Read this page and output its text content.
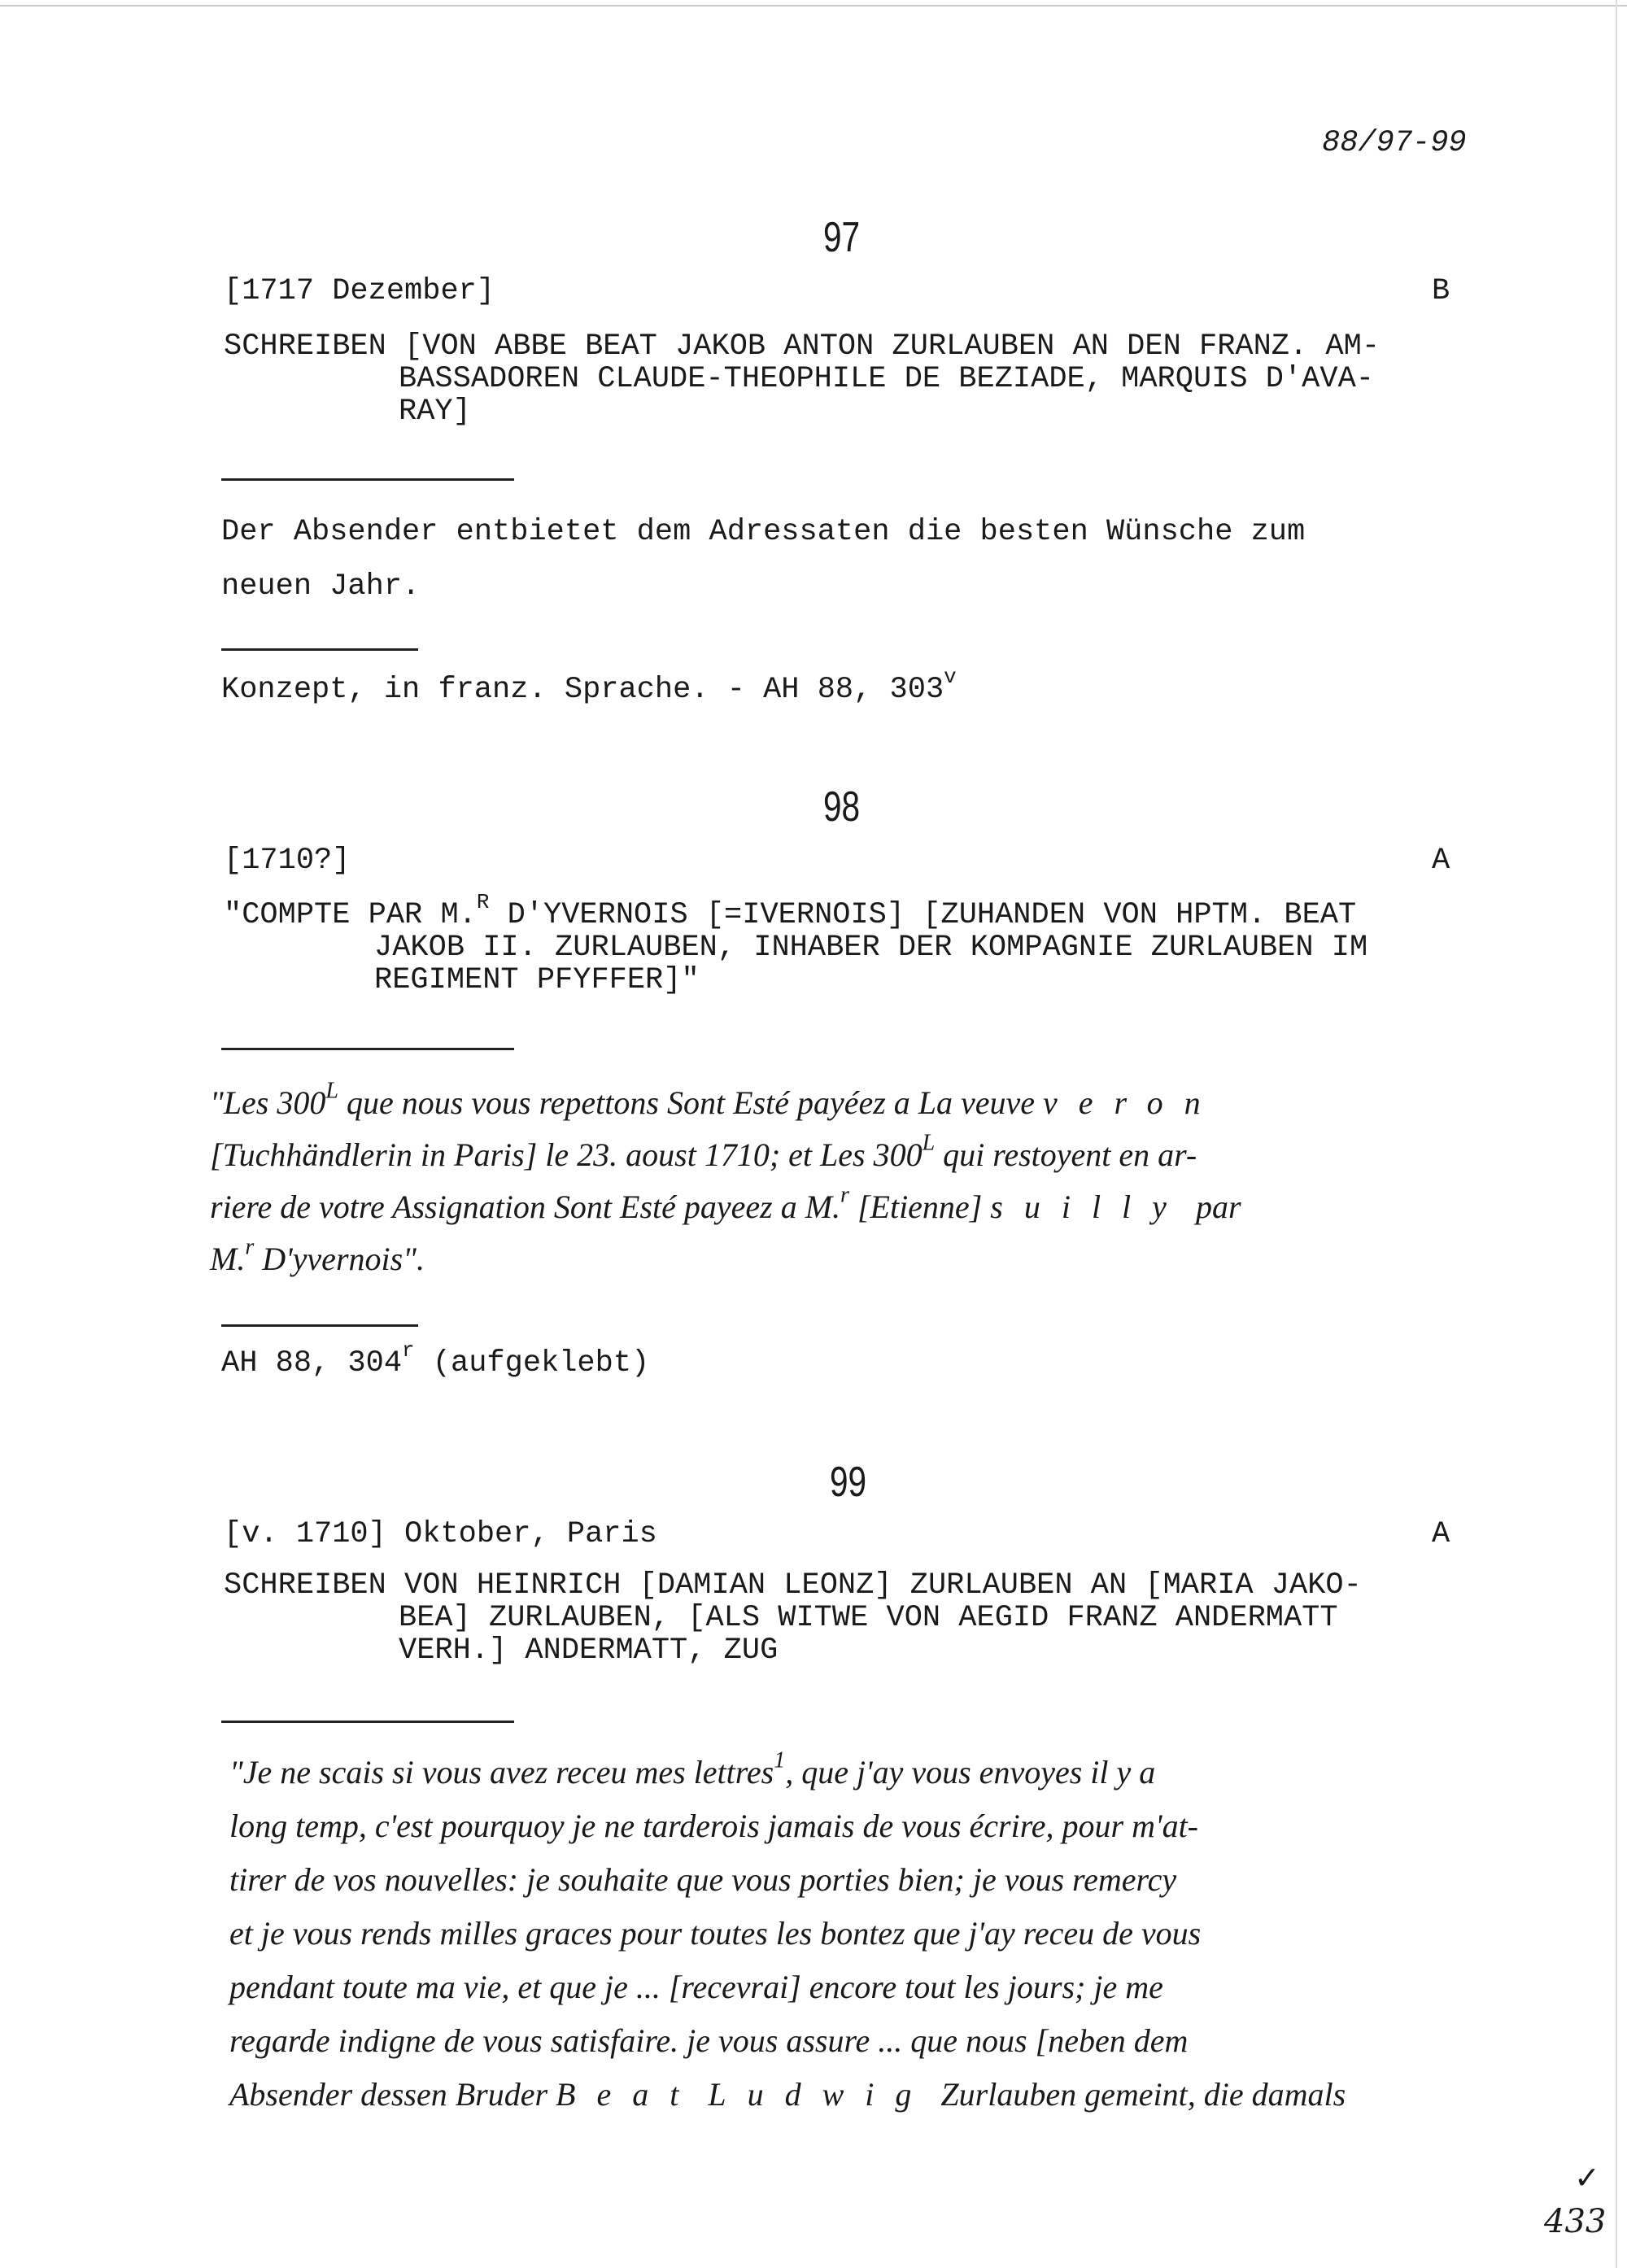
88/97-99
97
[1717 Dezember]	B
SCHREIBEN [VON ABBE BEAT JAKOB ANTON ZURLAUBEN AN DEN FRANZ. AM-
BASSADOREN CLAUDE-THEOPHILE DE BEZIADE, MARQUIS D'AVA-
RAY]
Der Absender entbietet dem Adressaten die besten Wünsche zum
neuen Jahr.
Konzept, in franz. Sprache. - AH 88, 303$^v$
98
[1710?]	A
"COMPTE PAR M.$^R$ D'YVERNOIS [=IVERNOIS] [ZUHANDEN VON HPTM. BEAT
JAKOB II. ZURLAUBEN, INHABER DER KOMPAGNIE ZURLAUBEN IM
REGIMENT PFYFFER]"
"Les $300^L$ que nous vous repettons Sont Esté payéez a La veuve veron
[Tuchhändlerin in Paris] le 23. aoust 1710; et Les $300^L$ qui restoyent en ar-
riere de votre Assignation Sont Esté payeez a M.$^r$ [Etienne] suilly par
M.$^r$ D'yvernois".
AH 88, 304$^r$ (aufgeklebt)
99
[v. 1710] Oktober, Paris	A
SCHREIBEN VON HEINRICH [DAMIAN LEONZ] ZURLAUBEN AN [MARIA JAKO-
BEA] ZURLAUBEN, [ALS WITWE VON AEGID FRANZ ANDERMATT
VERH.] ANDERMATT, ZUG
"Je ne scais si vous avez receu mes lettres$^1$, que j'ay vous envoyes il y a
long temp, c'est pourquoy je ne tarderois jamais de vous écrire, pour m'at-
tirer de vos nouvelles: je souhaite que vous porties bien; je vous remercy
et je vous rends milles graces pour toutes les bontez que j'ay receu de vous
pendant toute ma vie, et que je ... [recevrai] encore tout les jours; je me
regarde indigne de vous satisfaire. je vous assure ... que nous [neben dem
Absender dessen Bruder Beat Ludwig Zurlauben gemeint, die damals
✓
433
